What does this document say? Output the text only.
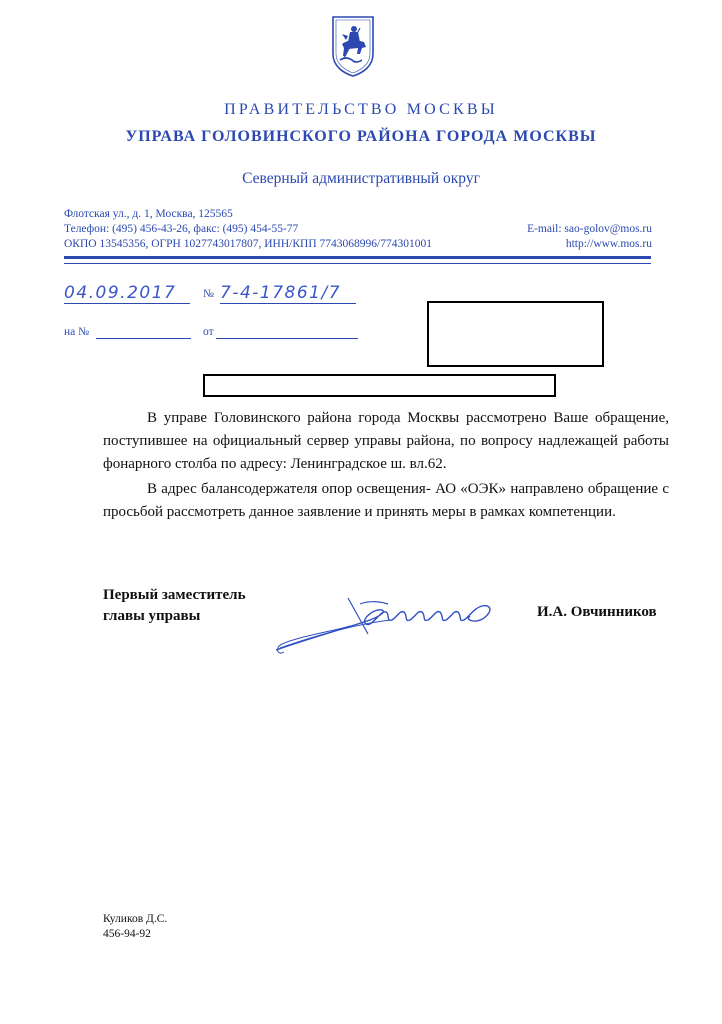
ПРАВИТЕЛЬСТВО МОСКВЫ
УПРАВА ГОЛОВИНСКОГО РАЙОНА ГОРОДА МОСКВЫ
Северный административный округ
Флотская ул., д. 1, Москва, 125565
Телефон: (495) 456-43-26, факс: (495) 454-55-77
ОКПО 13545356, ОГРН 1027743017807, ИНН/КПП 7743068996/774301001
E-mail: sao-golov@mos.ru
http://www.mos.ru
04.09.2017	№ 7-4-17861/7
на №	от
В управе Головинского района города Москвы рассмотрено Ваше обращение, поступившее на официальный сервер управы района, по вопросу надлежащей работы фонарного столба по адресу: Ленинградское ш. вл.62.
В адрес балансодержателя опор освещения- АО «ОЭК» направлено обращение с просьбой рассмотреть данное заявление и принять меры в рамках компетенции.
Первый заместитель
главы управы	И.А. Овчинников
Куликов Д.С.
456-94-92
